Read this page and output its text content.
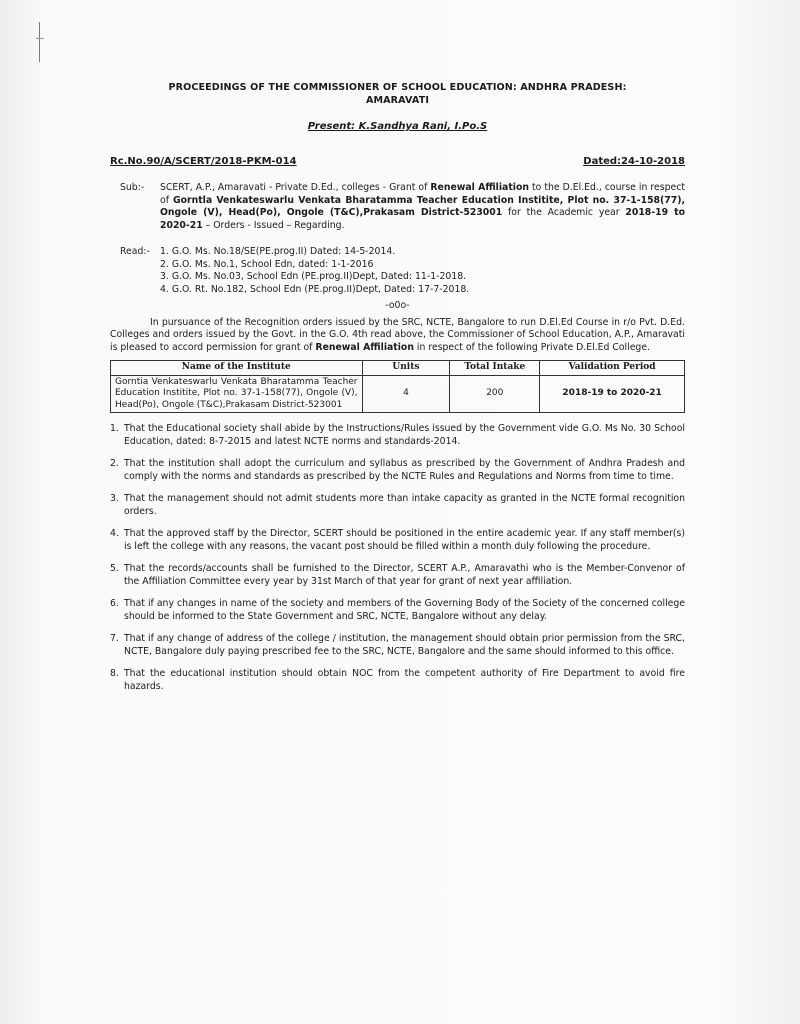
PROCEEDINGS OF THE COMMISSIONER OF SCHOOL EDUCATION: ANDHRA PRADESH:
AMARAVATI
Present: K.Sandhya Rani, I.Po.S
Rc.No.90/A/SCERT/2018-PKM-014	Dated:24-10-2018
Sub:-	SCERT, A.P., Amaravati - Private D.Ed., colleges - Grant of Renewal Affiliation to the D.El.Ed., course in respect of Gorntla Venkateswarlu Venkata Bharatamma Teacher Education Institite, Plot no. 37-1-158(77), Ongole (V), Head(Po), Ongole (T&C),Prakasam District-523001 for the Academic year 2018-19 to 2020-21 – Orders - Issued – Regarding.
Read:-	1. G.O. Ms. No.18/SE(PE.prog.II) Dated: 14-5-2014.
2. G.O. Ms. No.1, School Edn, dated: 1-1-2016
3. G.O. Ms. No.03, School Edn (PE.prog.II)Dept, Dated: 11-1-2018.
4. G.O. Rt. No.182, School Edn (PE.prog.II)Dept, Dated: 17-7-2018.
-o0o-
In pursuance of the Recognition orders issued by the SRC, NCTE, Bangalore to run D.El.Ed Course in r/o Pvt. D.Ed. Colleges and orders issued by the Govt. in the G.O. 4th read above, the Commissioner of School Education, A.P., Amaravati is pleased to accord permission for grant of Renewal Affiliation in respect of the following Private D.El.Ed College.
Name of the Institute	Units	Total Intake	Validation Period
Gorntia Venkateswarlu Venkata Bharatamma Teacher Education Institite, Plot no. 37-1-158(77), Ongole (V), Head(Po), Ongole (T&C),Prakasam District-523001	4	200	2018-19 to 2020-21
1. That the Educational society shall abide by the Instructions/Rules issued by the Government vide G.O. Ms No. 30 School Education, dated: 8-7-2015 and latest NCTE norms and standards-2014.
2. That the institution shall adopt the curriculum and syllabus as prescribed by the Government of Andhra Pradesh and comply with the norms and standards as prescribed by the NCTE Rules and Regulations and Norms from time to time.
3. That the management should not admit students more than intake capacity as granted in the NCTE formal recognition orders.
4. That the approved staff by the Director, SCERT should be positioned in the entire academic year. If any staff member(s) is left the college with any reasons, the vacant post should be filled within a month duly following the procedure.
5. That the records/accounts shall be furnished to the Director, SCERT A.P., Amaravathi who is the Member-Convenor of the Affiliation Committee every year by 31st March of that year for grant of next year affiliation.
6. That if any changes in name of the society and members of the Governing Body of the Society of the concerned college should be informed to the State Government and SRC, NCTE, Bangalore without any delay.
7. That if any change of address of the college / institution, the management should obtain prior permission from the SRC, NCTE, Bangalore duly paying prescribed fee to the SRC, NCTE, Bangalore and the same should informed to this office.
8. That the educational institution should obtain NOC from the competent authority of Fire Department to avoid fire hazards.
